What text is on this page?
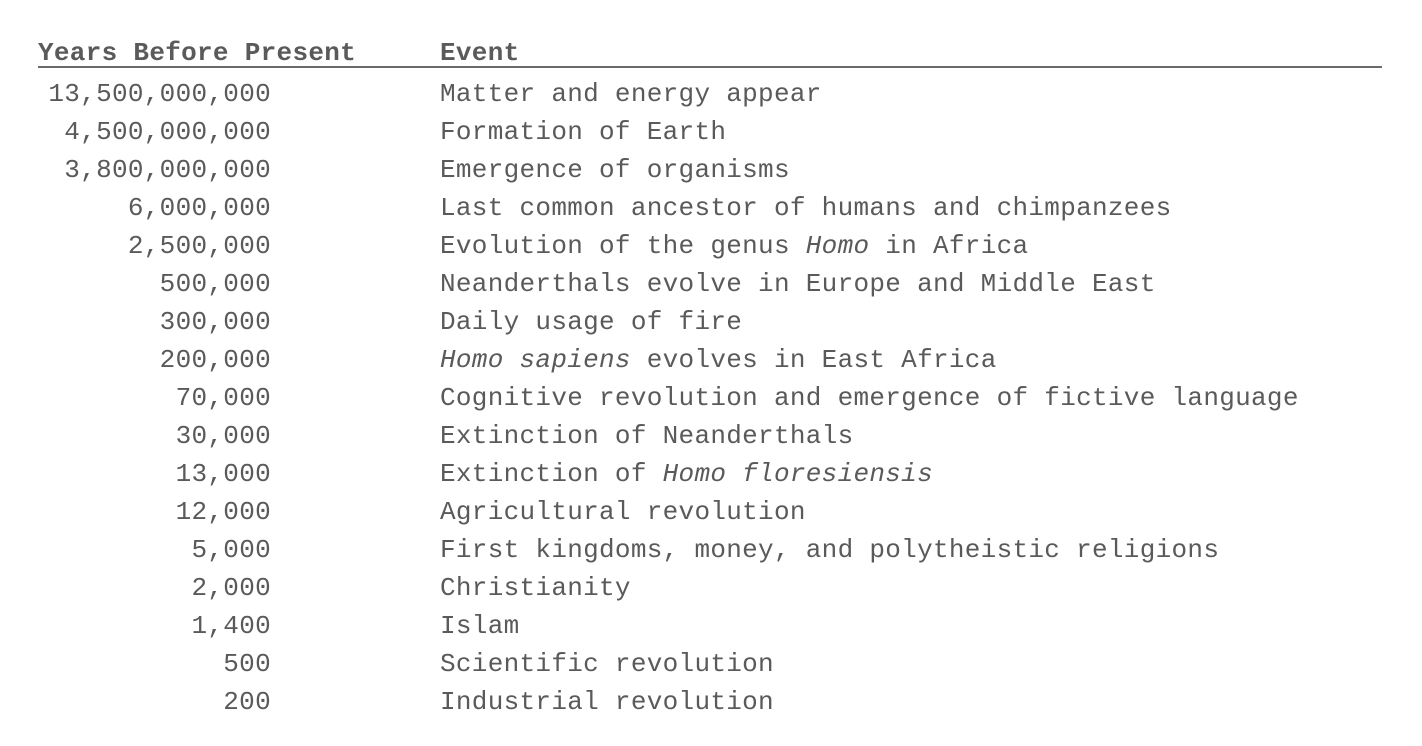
Years Before Present	Event
13,500,000,000	Matter and energy appear
4,500,000,000	Formation of Earth
3,800,000,000	Emergence of organisms
6,000,000	Last common ancestor of humans and chimpanzees
2,500,000	Evolution of the genus Homo in Africa
500,000	Neanderthals evolve in Europe and Middle East
300,000	Daily usage of fire
200,000	Homo sapiens evolves in East Africa
70,000	Cognitive revolution and emergence of fictive language
30,000	Extinction of Neanderthals
13,000	Extinction of Homo floresiensis
12,000	Agricultural revolution
5,000	First kingdoms, money, and polytheistic religions
2,000	Christianity
1,400	Islam
500	Scientific revolution
200	Industrial revolution
